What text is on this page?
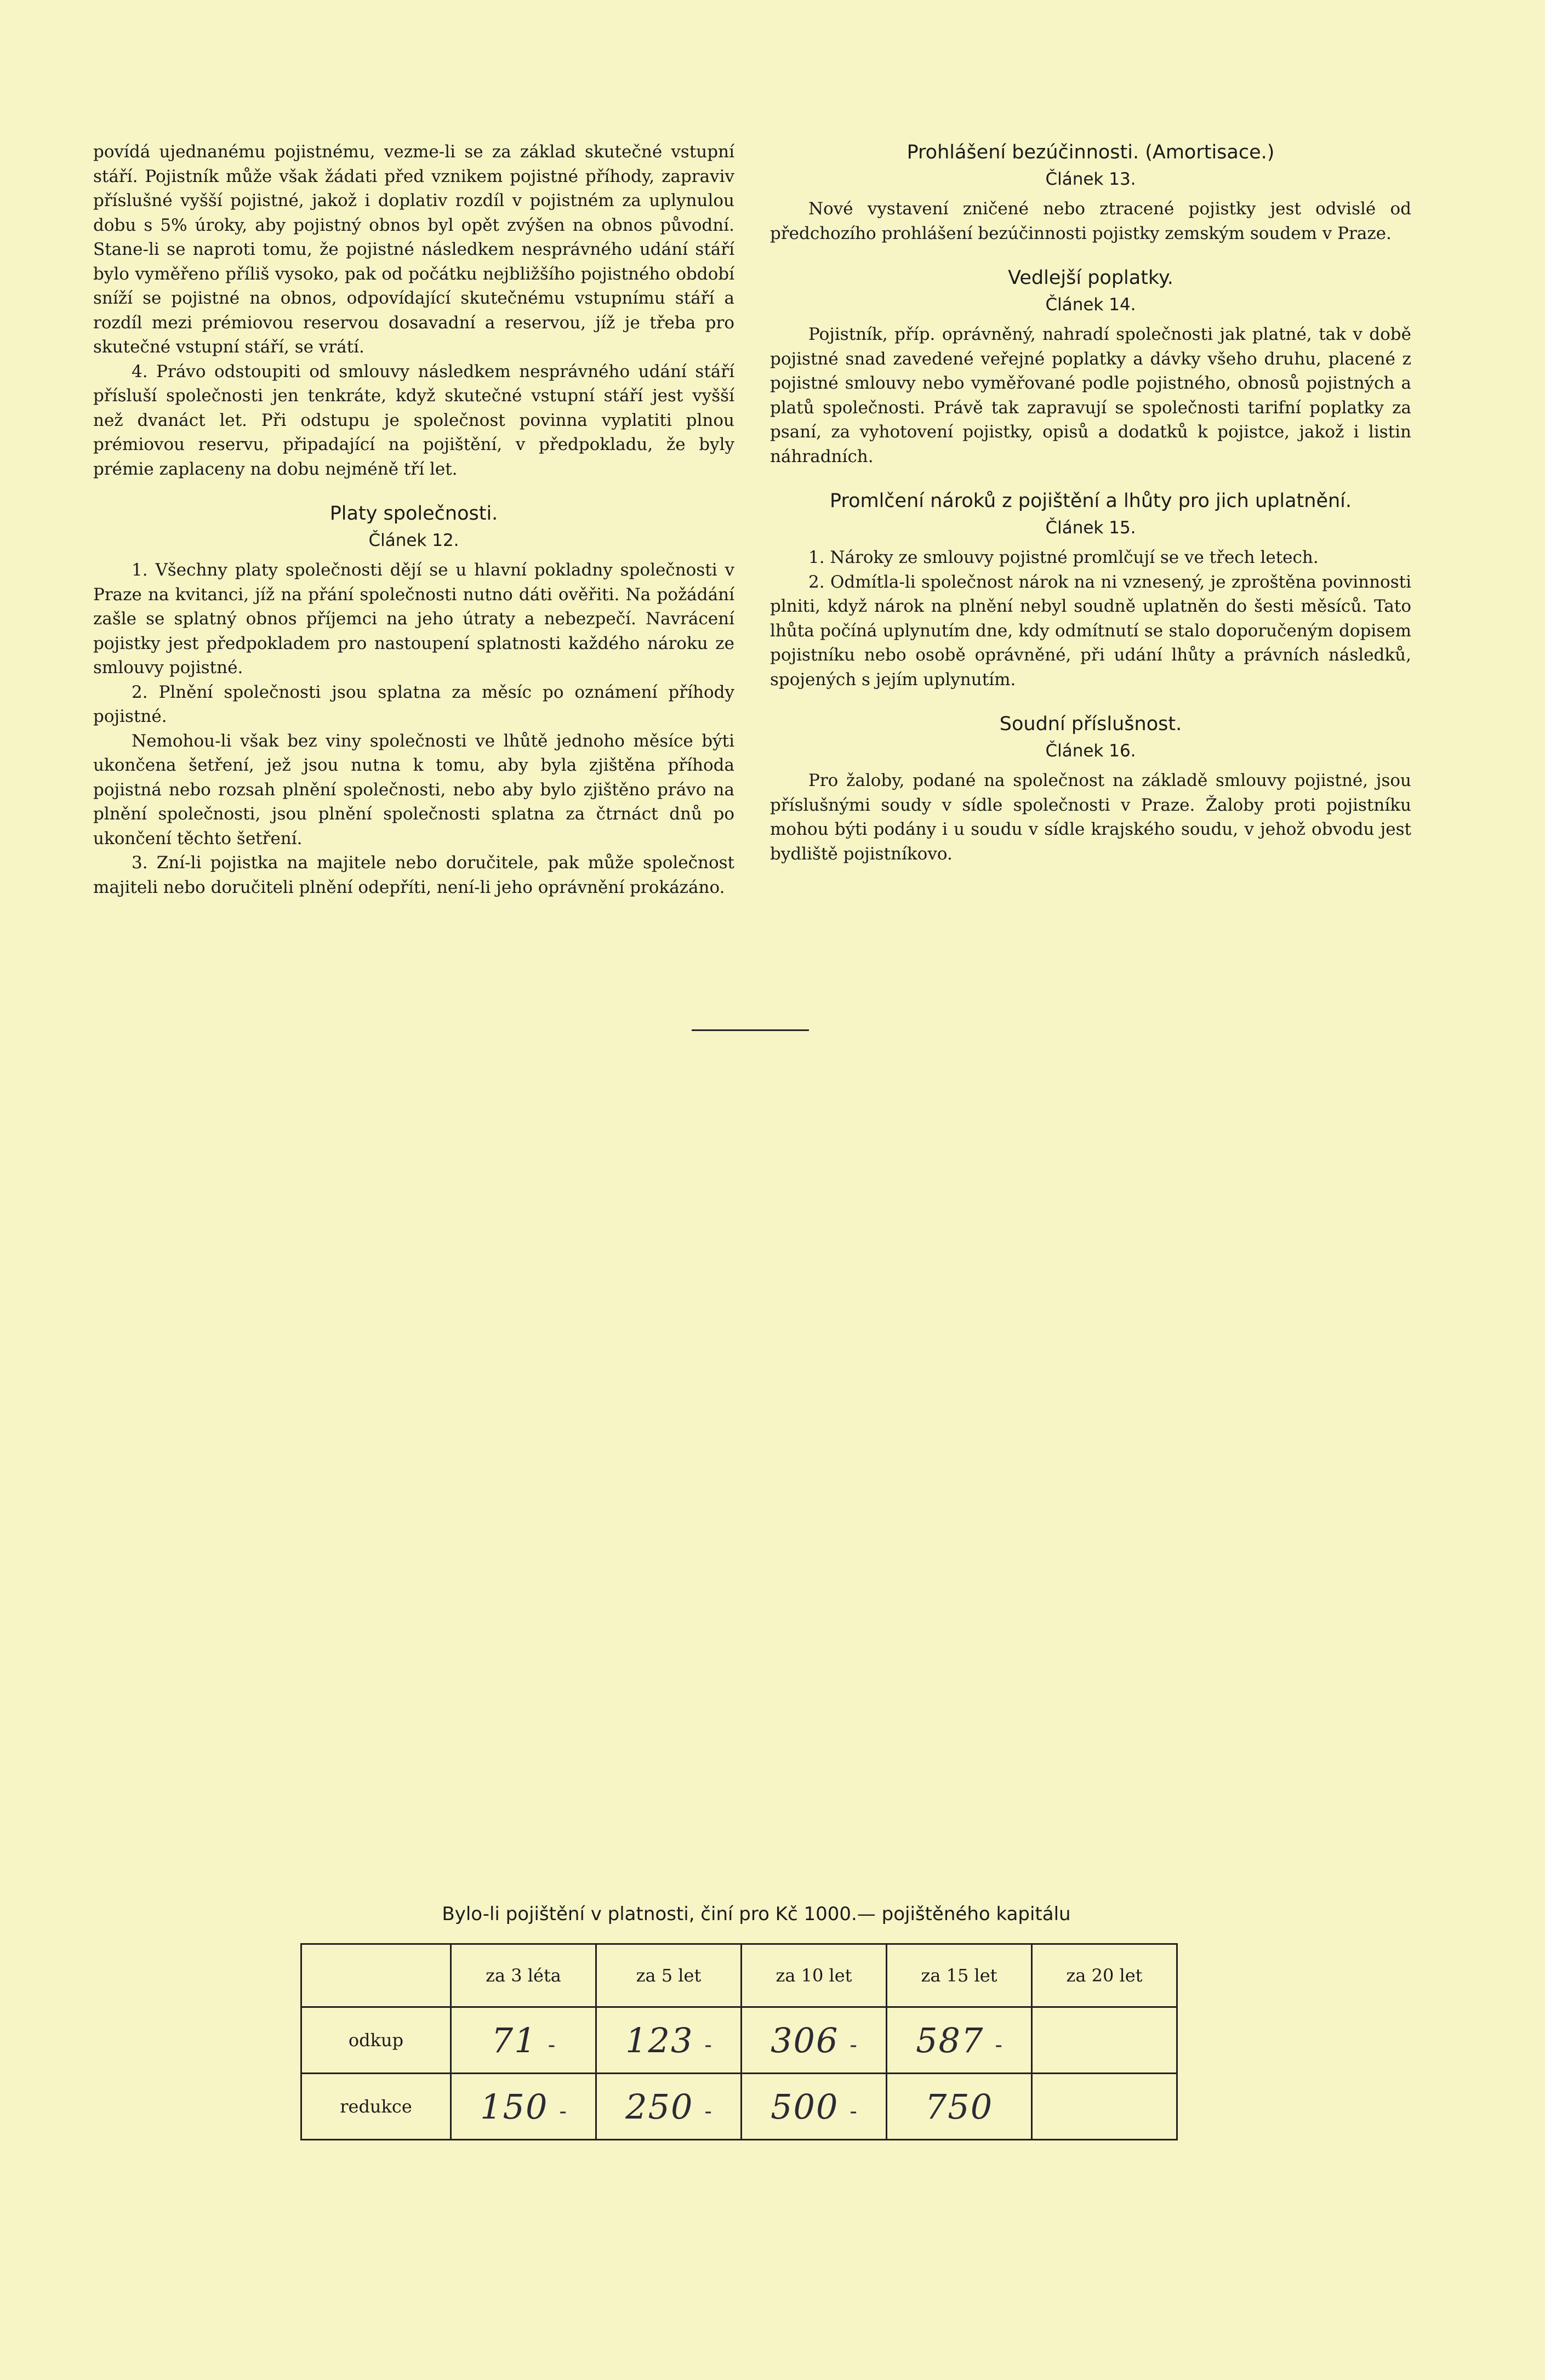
povídá ujednanému pojistnému, vezme-li se za základ skutečné vstupní stáří. Pojistník může však žádati před vznikem pojistné příhody, zapraviv příslušné vyšší pojistné, jakož i doplativ rozdíl v pojistném za uplynulou dobu s 5% úroky, aby pojistný obnos byl opět zvýšen na obnos původní. Stane-li se naproti tomu, že pojistné následkem nesprávného udání stáří bylo vyměřeno příliš vysoko, pak od počátku nejbližšího pojistného období sníží se pojistné na obnos, odpovídající skutečnému vstupnímu stáří a rozdíl mezi prémiovou reservou dosavadní a reservou, jíž je třeba pro skutečné vstupní stáří, se vrátí.

4. Právo odstoupiti od smlouvy následkem nesprávného udání stáří přísluší společnosti jen tenkráte, když skutečné vstupní stáří jest vyšší než dvanáct let. Při odstupu je společnost povinna vyplatiti plnou prémiovou reservu, připadající na pojištění, v předpokladu, že byly prémie zaplaceny na dobu nejméně tří let.

Platy společnosti.
Článek 12.

1. Všechny platy společnosti dějí se u hlavní pokladny společnosti v Praze na kvitanci, jíž na přání společnosti nutno dáti ověřiti. Na požádání zašle se splatný obnos příjemci na jeho útraty a nebezpečí. Navrácení pojistky jest předpokladem pro nastoupení splatnosti každého nároku ze smlouvy pojistné.

2. Plnění společnosti jsou splatna za měsíc po oznámení příhody pojistné.

Nemohou-li však bez viny společnosti ve lhůtě jednoho měsíce býti ukončena šetření, jež jsou nutna k tomu, aby byla zjištěna příhoda pojistná nebo rozsah plnění společnosti, nebo aby bylo zjištěno právo na plnění společnosti, jsou plnění společnosti splatna za čtrnáct dnů po ukončení těchto šetření.

3. Zní-li pojistka na majitele nebo doručitele, pak může společnost majiteli nebo doručiteli plnění odepříti, není-li jeho oprávnění prokázáno.

Prohlášení bezúčinnosti. (Amortisace.)
Článek 13.

Nové vystavení zničené nebo ztracené pojistky jest odvislé od předchozího prohlášení bezúčinnosti pojistky zemským soudem v Praze.

Vedlejší poplatky.
Článek 14.

Pojistník, příp. oprávněný, nahradí společnosti jak platné, tak v době pojistné snad zavedené veřejné poplatky a dávky všeho druhu, placené z pojistné smlouvy nebo vyměřované podle pojistného, obnosů pojistných a platů společnosti. Právě tak zapravují se společnosti tarifní poplatky za psaní, za vyhotovení pojistky, opisů a dodatků k pojistce, jakož i listin náhradních.

Promlčení nároků z pojištění a lhůty pro jich uplatnění.
Článek 15.

1. Nároky ze smlouvy pojistné promlčují se ve třech letech.

2. Odmítla-li společnost nárok na ni vznesený, je zproštěna povinnosti plniti, když nárok na plnění nebyl soudně uplatněn do šesti měsíců. Tato lhůta počíná uplynutím dne, kdy odmítnutí se stalo doporučeným dopisem pojistníku nebo osobě oprávněné, při udání lhůty a právních následků, spojených s jejím uplynutím.

Soudní příslušnost.
Článek 16.

Pro žaloby, podané na společnost na základě smlouvy pojistné, jsou příslušnými soudy v sídle společnosti v Praze. Žaloby proti pojistníku mohou býti podány i u soudu v sídle krajského soudu, v jehož obvodu jest bydliště pojistníkovo.

Bylo-li pojištění v platnosti, činí pro Kč 1000.— pojištěného kapitálu
	za 3 léta	za 5 let	za 10 let	za 15 let	za 20 let
odkup	71 -	123 -	306 -	587 -	
redukce	150 -	250 -	500 -	750	
